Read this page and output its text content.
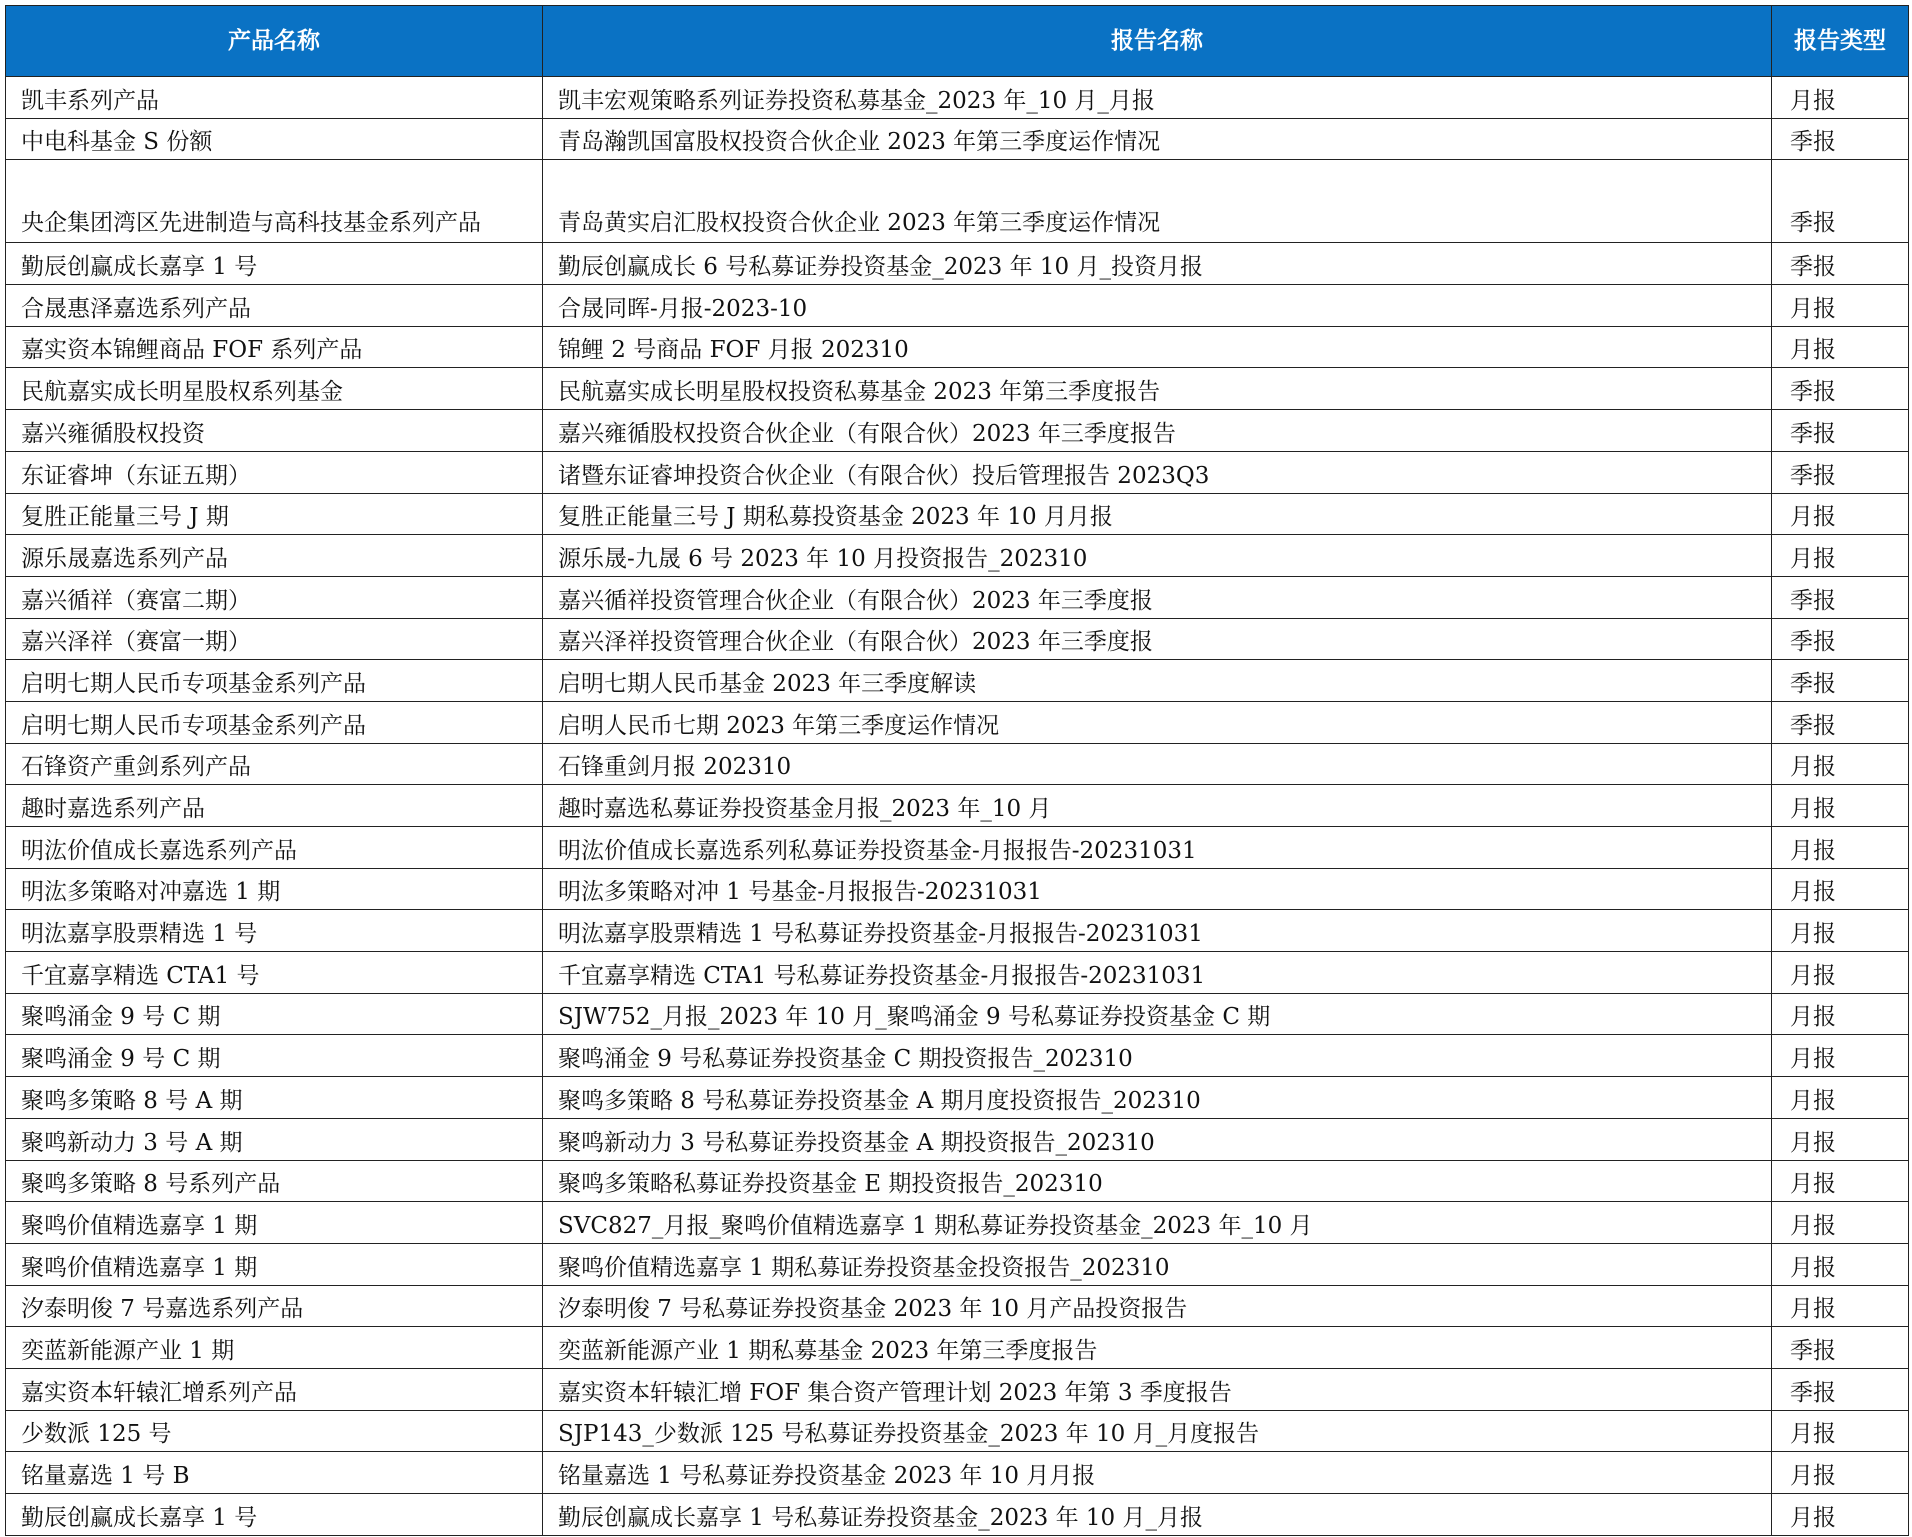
产品名称	报告名称	报告类型

凯丰系列产品	凯丰宏观策略系列证券投资私募基金_2023 年_10 月_月报	月报
中电科基金 S 份额	青岛瀚凯国富股权投资合伙企业 2023 年第三季度运作情况	季报
央企集团湾区先进制造与高科技基金系列产品	青岛黄实启汇股权投资合伙企业 2023 年第三季度运作情况	季报
勤辰创赢成长嘉享 1 号	勤辰创赢成长 6 号私募证券投资基金_2023 年 10 月_投资月报	季报
合晟惠泽嘉选系列产品	合晟同晖-月报-2023-10	月报
嘉实资本锦鲤商品 FOF 系列产品	锦鲤 2 号商品 FOF 月报 202310	月报
民航嘉实成长明星股权系列基金	民航嘉实成长明星股权投资私募基金 2023 年第三季度报告	季报
嘉兴雍循股权投资	嘉兴雍循股权投资合伙企业（有限合伙）2023 年三季度报告	季报
东证睿坤（东证五期）	诸暨东证睿坤投资合伙企业（有限合伙）投后管理报告 2023Q3	季报
复胜正能量三号 J 期	复胜正能量三号 J 期私募投资基金 2023 年 10 月月报	月报
源乐晟嘉选系列产品	源乐晟-九晟 6 号 2023 年 10 月投资报告_202310	月报
嘉兴循祥（赛富二期）	嘉兴循祥投资管理合伙企业（有限合伙）2023 年三季度报	季报
嘉兴泽祥（赛富一期）	嘉兴泽祥投资管理合伙企业（有限合伙）2023 年三季度报	季报
启明七期人民币专项基金系列产品	启明七期人民币基金 2023 年三季度解读	季报
启明七期人民币专项基金系列产品	启明人民币七期 2023 年第三季度运作情况	季报
石锋资产重剑系列产品	石锋重剑月报 202310	月报
趣时嘉选系列产品	趣时嘉选私募证券投资基金月报_2023 年_10 月	月报
明汯价值成长嘉选系列产品	明汯价值成长嘉选系列私募证券投资基金-月报报告-20231031	月报
明汯多策略对冲嘉选 1 期	明汯多策略对冲 1 号基金-月报报告-20231031	月报
明汯嘉享股票精选 1 号	明汯嘉享股票精选 1 号私募证券投资基金-月报报告-20231031	月报
千宜嘉享精选 CTA1 号	千宜嘉享精选 CTA1 号私募证券投资基金-月报报告-20231031	月报
聚鸣涌金 9 号 C 期	SJW752_月报_2023 年 10 月_聚鸣涌金 9 号私募证券投资基金 C 期	月报
聚鸣涌金 9 号 C 期	聚鸣涌金 9 号私募证券投资基金 C 期投资报告_202310	月报
聚鸣多策略 8 号 A 期	聚鸣多策略 8 号私募证券投资基金 A 期月度投资报告_202310	月报
聚鸣新动力 3 号 A 期	聚鸣新动力 3 号私募证券投资基金 A 期投资报告_202310	月报
聚鸣多策略 8 号系列产品	聚鸣多策略私募证券投资基金 E 期投资报告_202310	月报
聚鸣价值精选嘉享 1 期	SVC827_月报_聚鸣价值精选嘉享 1 期私募证券投资基金_2023 年_10 月	月报
聚鸣价值精选嘉享 1 期	聚鸣价值精选嘉享 1 期私募证券投资基金投资报告_202310	月报
汐泰明俊 7 号嘉选系列产品	汐泰明俊 7 号私募证券投资基金 2023 年 10 月产品投资报告	月报
奕蓝新能源产业 1 期	奕蓝新能源产业 1 期私募基金 2023 年第三季度报告	季报
嘉实资本轩辕汇增系列产品	嘉实资本轩辕汇增 FOF 集合资产管理计划 2023 年第 3 季度报告	季报
少数派 125 号	SJP143_少数派 125 号私募证券投资基金_2023 年 10 月_月度报告	月报
铭量嘉选 1 号 B	铭量嘉选 1 号私募证券投资基金 2023 年 10 月月报	月报
勤辰创赢成长嘉享 1 号	勤辰创赢成长嘉享 1 号私募证券投资基金_2023 年 10 月_月报	月报
